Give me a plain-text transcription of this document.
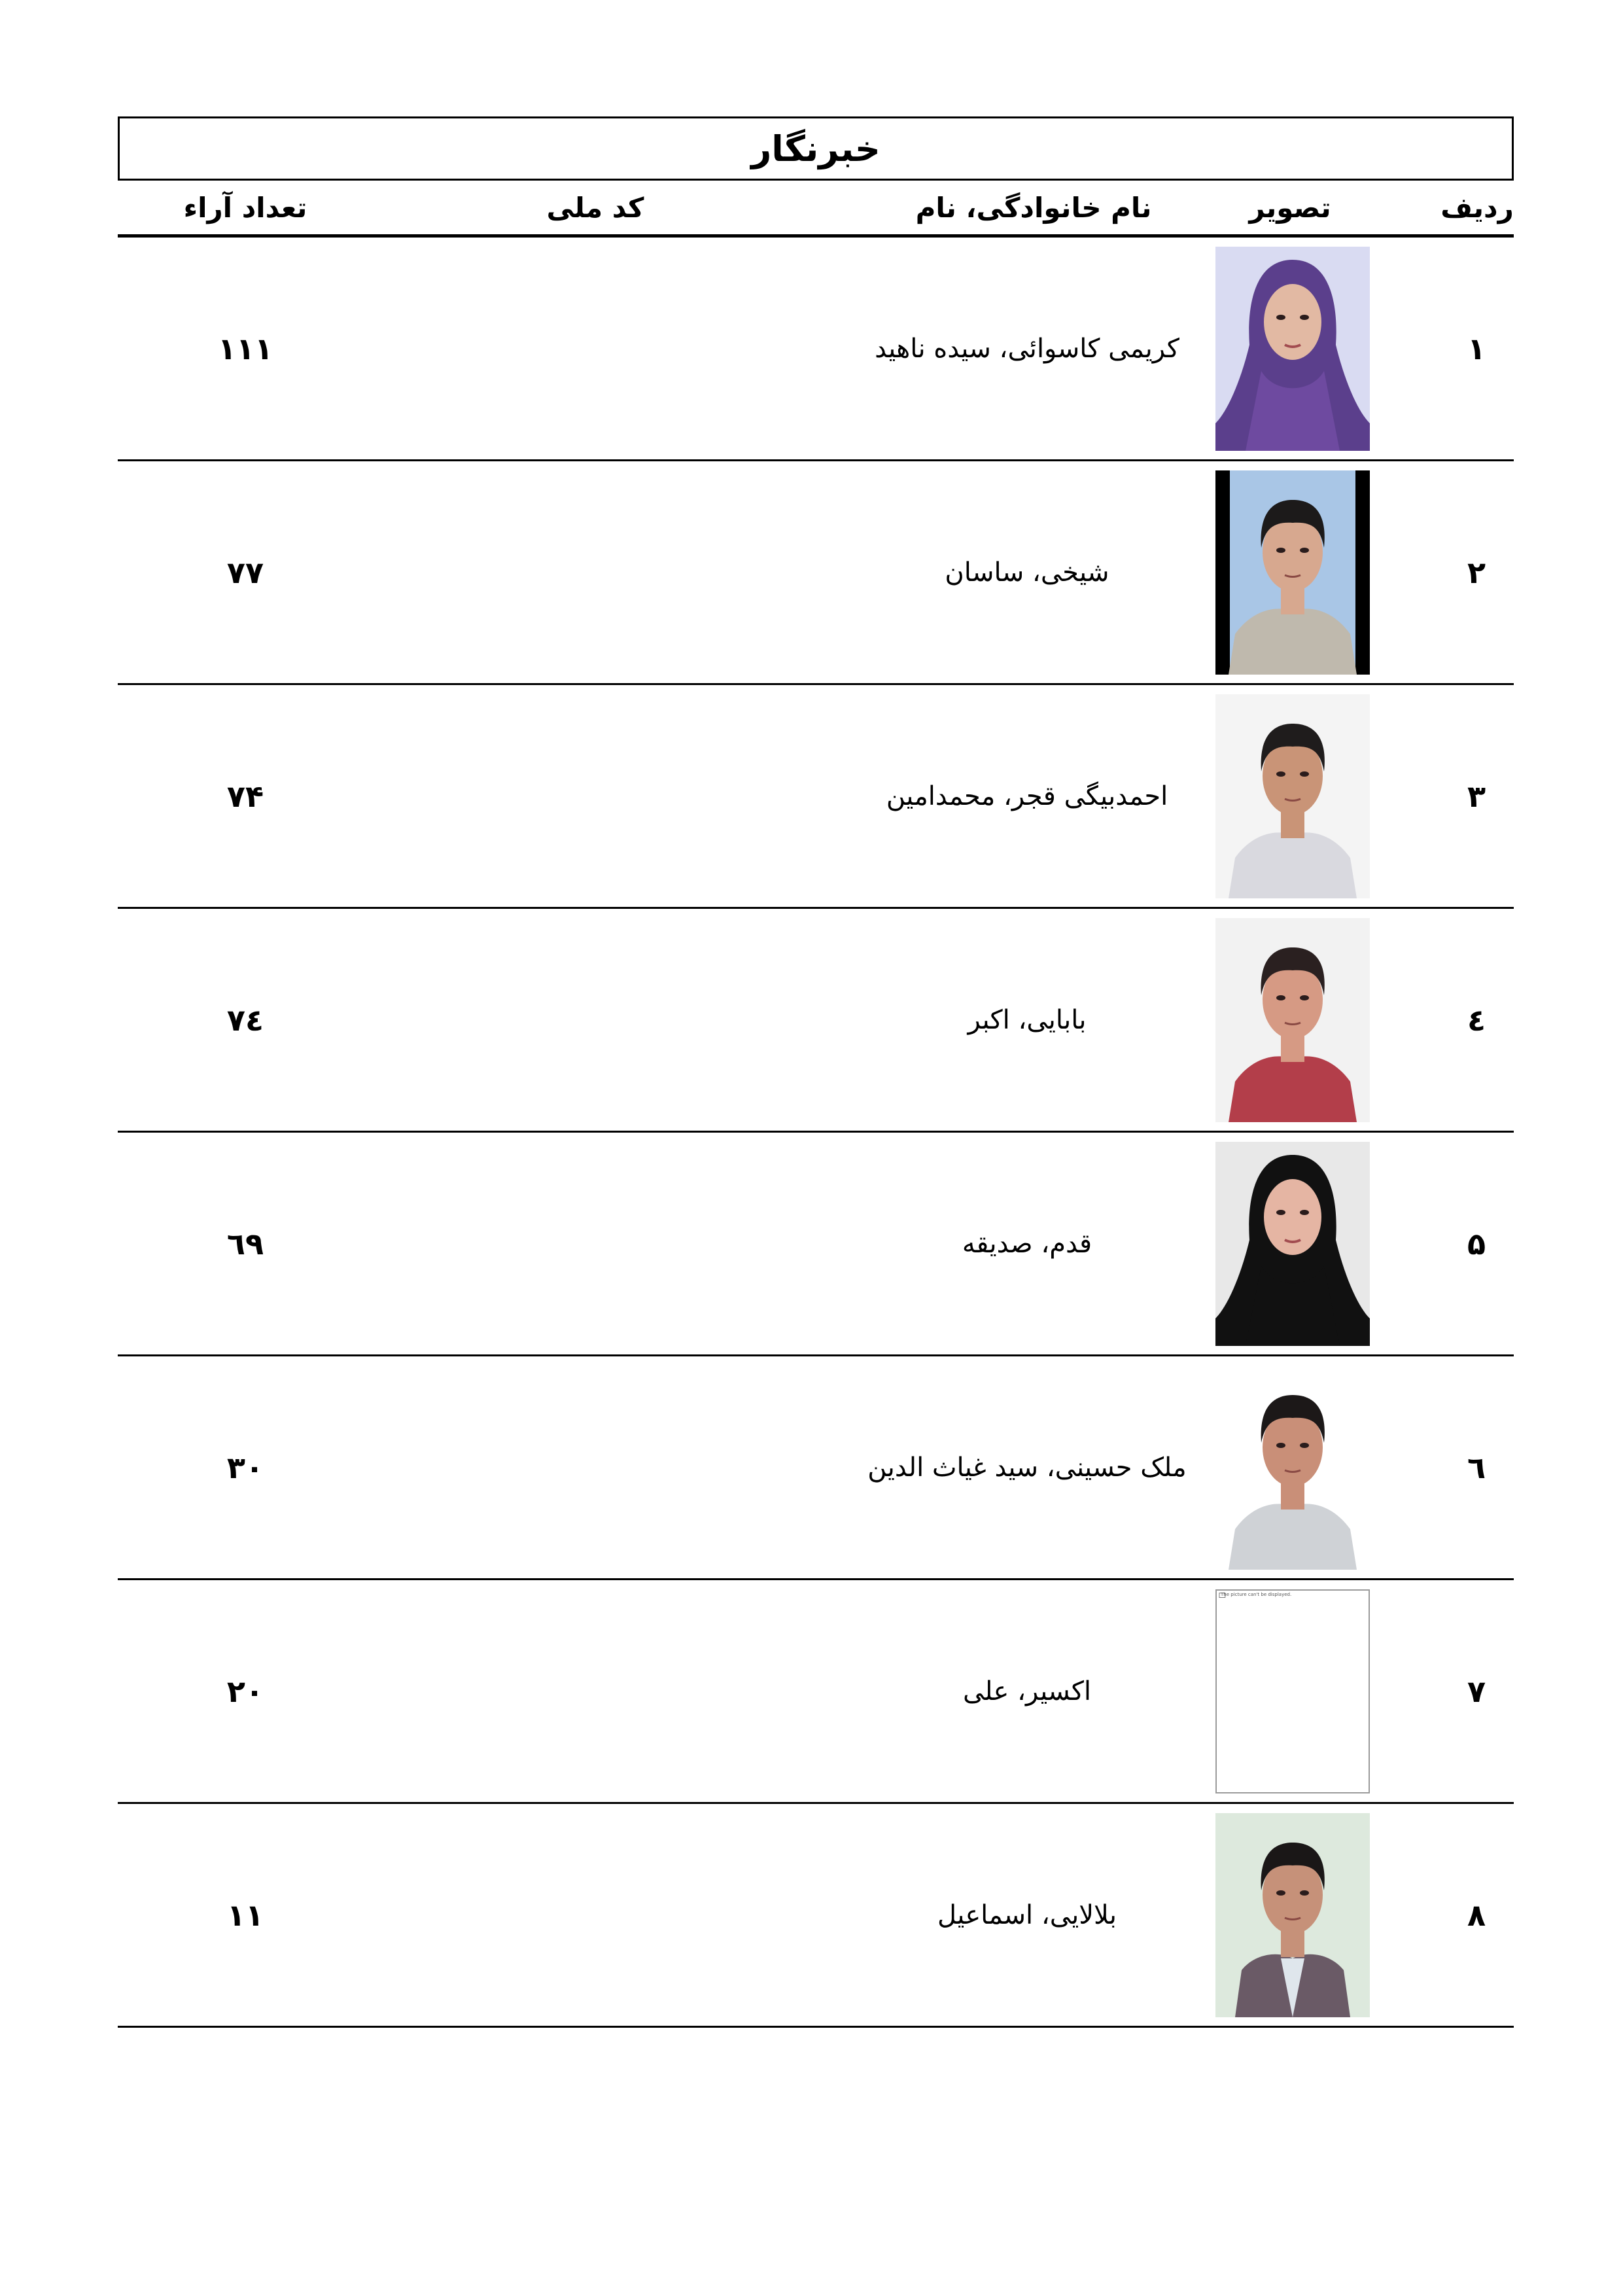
خبرنگار
ردیف
تصویر
نام خانوادگی، نام
کد ملی
تعداد آراء
۱
کریمی کاسوائی، سیده ناهید
۱۱۱
۲
شیخی، ساسان
۷۷
۳
احمدبیگی قجر، محمدامین
۷۴
٤
بابایی، اکبر
۷٤
۵
قدم، صدیقه
٦۹
٦
ملک حسینی، سید غیاث الدین
۳۰
۷
The picture can't be displayed.
اکسیر، علی
۲۰
۸
بلالایی، اسماعیل
۱۱
